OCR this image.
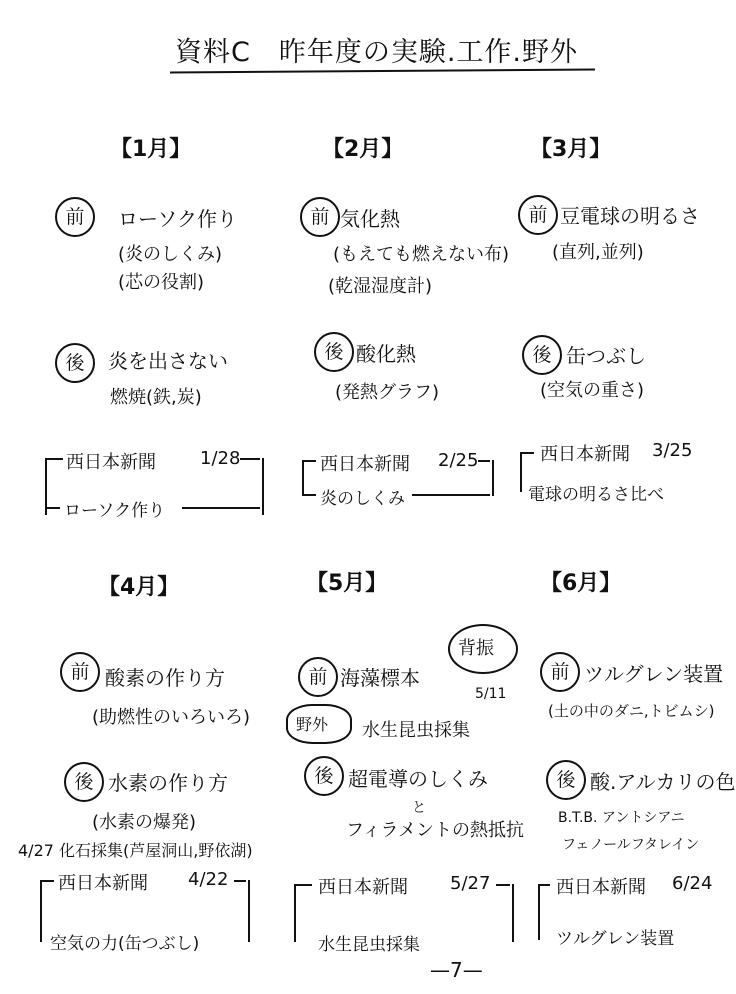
資料C　昨年度の実験.工作.野外
【1月】	【2月】	【3月】
前	ローソク作り
(炎のしくみ)
(芯の役割)
後	炎を出さない
燃焼(鉄,炭)
西日本新聞 1/28
ローソク作り
前 気化熱
(もえても燃えない布)
(乾湿湿度計)
後 酸化熱
(発熱グラフ)
西日本新聞 2/25
炎のしくみ
前 豆電球の明るさ
(直列,並列)
後 缶つぶし
(空気の重さ)
西日本新聞 3/25
電球の明るさ比べ
【4月】	【5月】	【6月】
前 酸素の作り方
(助燃性のいろいろ)
後 水素の作り方
(水素の爆発)
4/27 化石採集(芦屋洞山,野依湖)
西日本新聞 4/22
空気の力(缶つぶし)
前 海藻標本
背振
5/11
野外 水生昆虫採集
後 超電導のしくみ
と
フィラメントの熱抵抗
西日本新聞 5/27
水生昆虫採集
前 ツルグレン装置
(土の中のダニ,トビムシ)
後 酸.アルカリの色
B.T.B. アントシアニ
フェノールフタレイン
西日本新聞 6/24
ツルグレン装置
—7—
